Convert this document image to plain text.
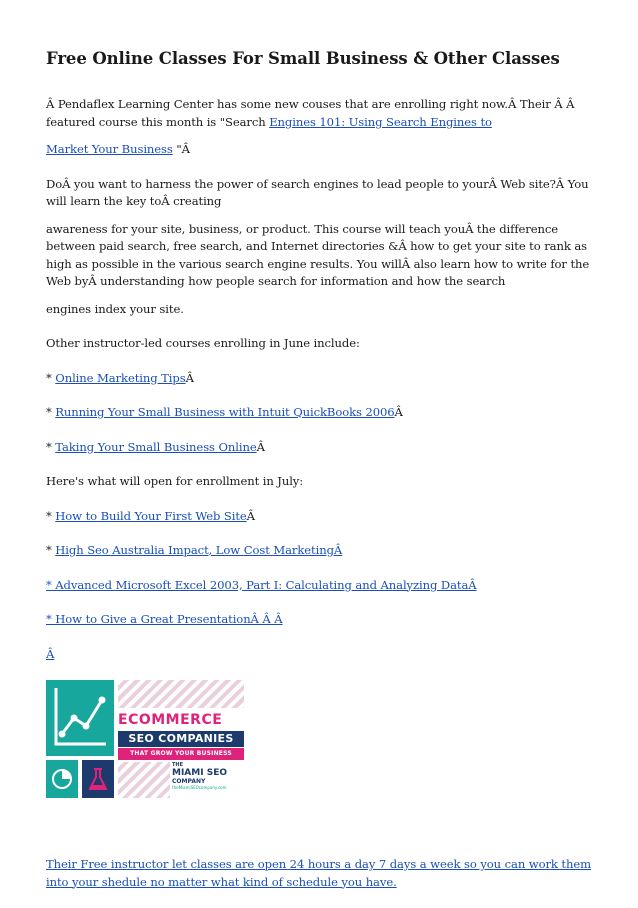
Free Online Classes For Small Business & Other Classes

Â Pendaflex Learning Center has some new couses that are enrolling right now.Â Their Â Â featured course this month is "Search Engines 101: Using Search Engines to

Market Your Business "Â

DoÂ you want to harness the power of search engines to lead people to yourÂ Web site?Â You will learn the key toÂ creating

awareness for your site, business, or product. This course will teach youÂ the difference between paid search, free search, and Internet directories &Â how to get your site to rank as high as possible in the various search engine results. You willÂ also learn how to write for the Web byÂ understanding how people search for information and how the search

engines index your site.

Other instructor-led courses enrolling in June include:

* Online Marketing TipsÂ

* Running Your Small Business with Intuit QuickBooks 2006Â

* Taking Your Small Business OnlineÂ

Here's what will open for enrollment in July:

* How to Build Your First Web SiteÂ

* High Seo Australia Impact, Low Cost MarketingÂ

* Advanced Microsoft Excel 2003, Part I: Calculating and Analyzing DataÂ

* How to Give a Great PresentationÂ Â Â

Â

ECOMMERCE
SEO COMPANIES
THAT GROW YOUR BUSINESS
THE
MIAMI SEO
COMPANY
theMiamiSEOcompany.com

Their Free instructor let classes are open 24 hours a day 7 days a week so you can work them into your shedule no matter what kind of schedule you have.
